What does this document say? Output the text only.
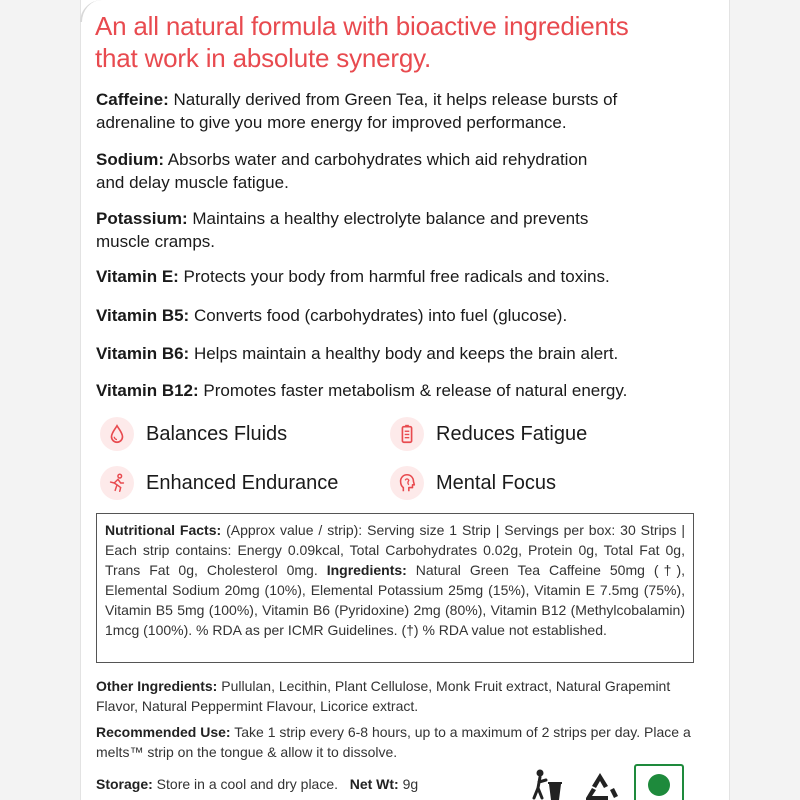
An all natural formula with bioactive ingredients
that work in absolute synergy.
Caffeine: Naturally derived from Green Tea, it helps release bursts of
adrenaline to give you more energy for improved performance.
Sodium: Absorbs water and carbohydrates which aid rehydration
and delay muscle fatigue.
Potassium: Maintains a healthy electrolyte balance and prevents
muscle cramps.
Vitamin E: Protects your body from harmful free radicals and toxins.
Vitamin B5: Converts food (carbohydrates) into fuel (glucose).
Vitamin B6: Helps maintain a healthy body and keeps the brain alert.
Vitamin B12: Promotes faster metabolism & release of natural energy.
Balances Fluids	Reduces Fatigue
Enhanced Endurance	Mental Focus
Nutritional Facts: (Approx value / strip): Serving size 1 Strip | Servings per box: 30 Strips | Each strip contains: Energy 0.09kcal, Total Carbohydrates 0.02g, Protein 0g, Total Fat 0g, Trans Fat 0g, Cholesterol 0mg. Ingredients: Natural Green Tea Caffeine 50mg (†), Elemental Sodium 20mg (10%), Elemental Potassium 25mg (15%), Vitamin E 7.5mg (75%), Vitamin B5 5mg (100%), Vitamin B6 (Pyridoxine) 2mg (80%), Vitamin B12 (Methylcobalamin) 1mcg (100%). % RDA as per ICMR Guidelines. (†) % RDA value not established.
Other Ingredients: Pullulan, Lecithin, Plant Cellulose, Monk Fruit extract, Natural Grapemint Flavor, Natural Peppermint Flavour, Licorice extract.
Recommended Use: Take 1 strip every 6-8 hours, up to a maximum of 2 strips per day. Place a melts™ strip on the tongue & allow it to dissolve.
Storage: Store in a cool and dry place. Net Wt: 9g
